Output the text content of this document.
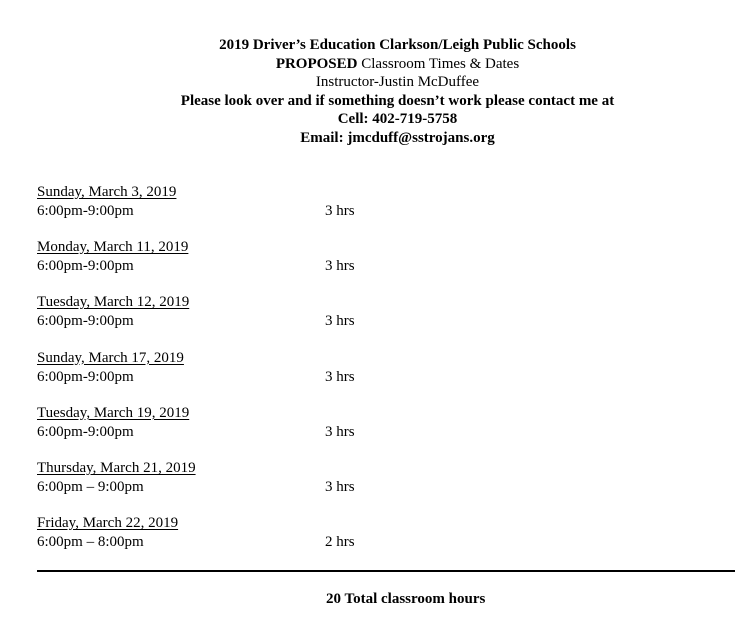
2019 Driver’s Education Clarkson/Leigh Public Schools
PROPOSED Classroom Times & Dates
Instructor-Justin McDuffee
Please look over and if something doesn’t work please contact me at
Cell: 402-719-5758
Email: jmcduff@sstrojans.org
Sunday, March 3, 2019
6:00pm-9:00pm	3 hrs
Monday, March 11, 2019
6:00pm-9:00pm	3 hrs
Tuesday, March 12, 2019
6:00pm-9:00pm	3 hrs
Sunday, March 17, 2019
6:00pm-9:00pm	3 hrs
Tuesday, March 19, 2019
6:00pm-9:00pm	3 hrs
Thursday, March 21, 2019
6:00pm – 9:00pm	3 hrs
Friday, March 22, 2019
6:00pm – 8:00pm	2 hrs
20 Total classroom hours
